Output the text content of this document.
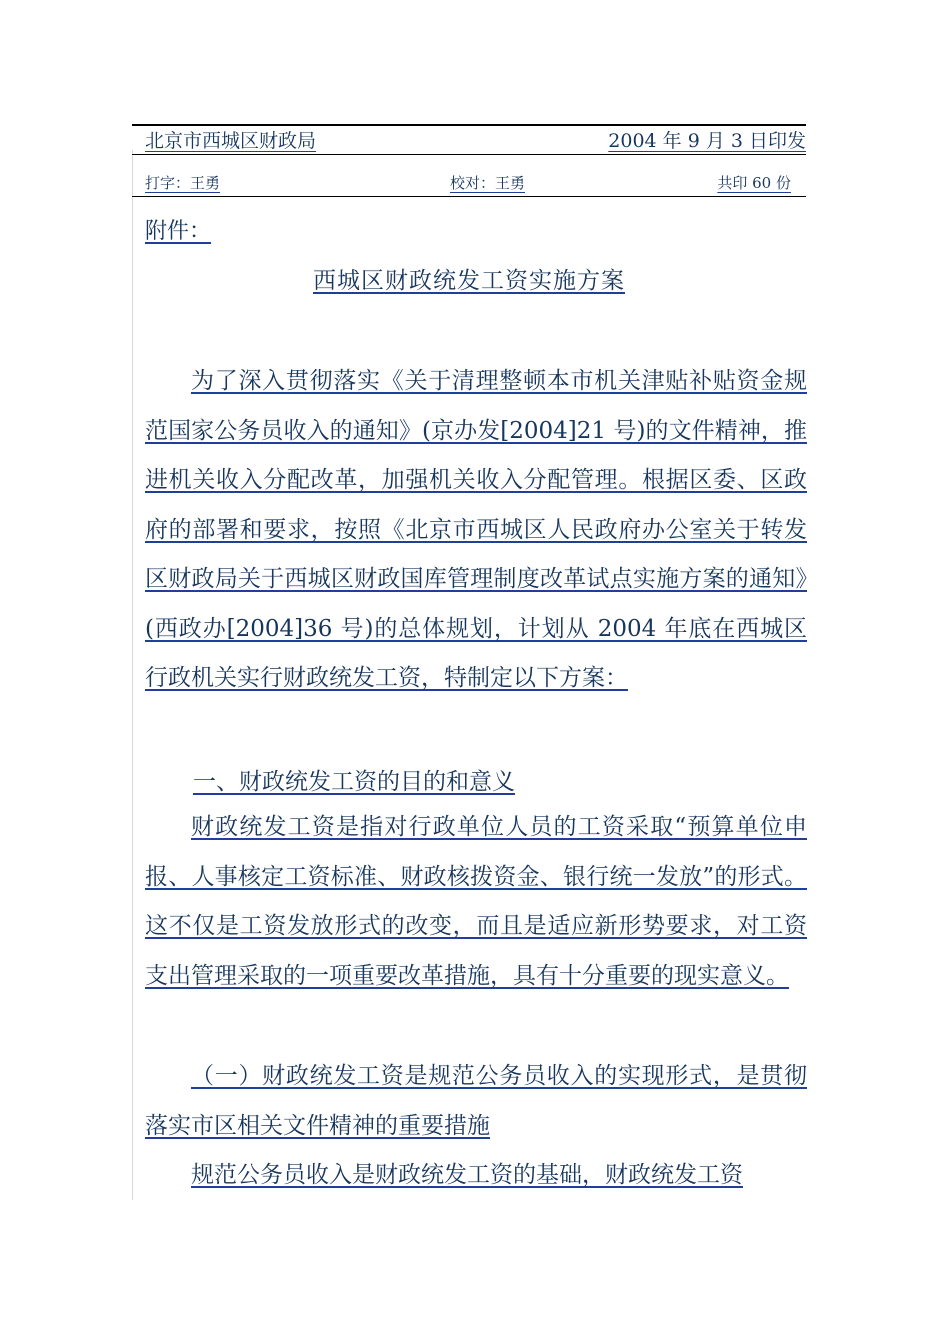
北京市西城区财政局	2004 年 9 月 3 日印发
打字：王勇	校对：王勇	共印 60 份
附件：
西城区财政统发工资实施方案

为了深入贯彻落实《关于清理整顿本市机关津贴补贴资金规范国家公务员收入的通知》(京办发[2004]21 号)的文件精神，推进机关收入分配改革，加强机关收入分配管理。根据区委、区政府的部署和要求，按照《北京市西城区人民政府办公室关于转发区财政局关于西城区财政国库管理制度改革试点实施方案的通知》(西政办[2004]36 号)的总体规划，计划从 2004 年底在西城区行政机关实行财政统发工资，特制定以下方案：

一、财政统发工资的目的和意义

财政统发工资是指对行政单位人员的工资采取“预算单位申报、人事核定工资标准、财政核拨资金、银行统一发放”的形式。这不仅是工资发放形式的改变，而且是适应新形势要求，对工资支出管理采取的一项重要改革措施，具有十分重要的现实意义。

（一）财政统发工资是规范公务员收入的实现形式，是贯彻落实市区相关文件精神的重要措施

规范公务员收入是财政统发工资的基础，财政统发工资
